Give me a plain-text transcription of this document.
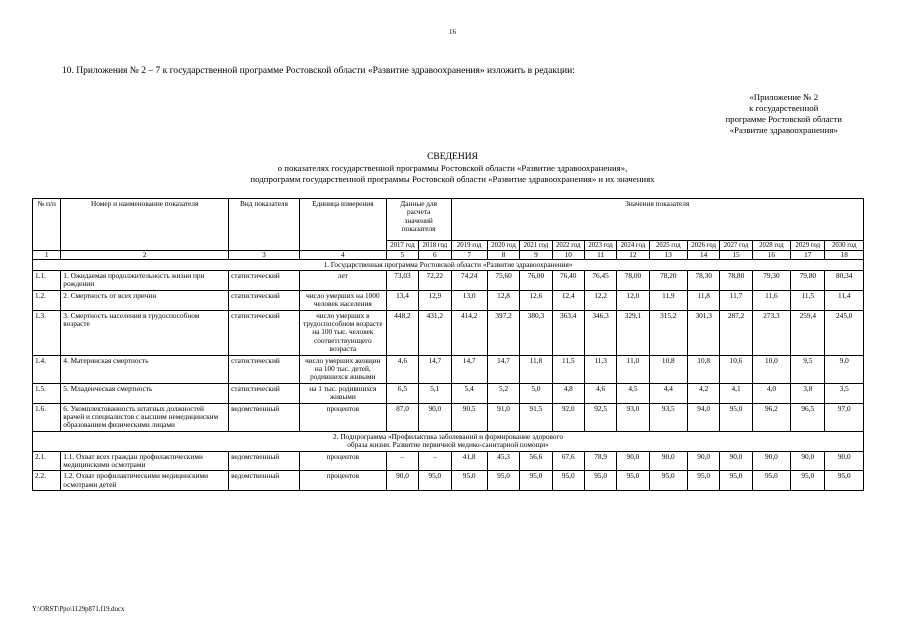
16
10. Приложения № 2 – 7 к государственной программе Ростовской области «Развитие здравоохранения» изложить в редакции:
«Приложение № 2
к государственной
программе Ростовской области
«Развитие здравоохранения»
СВЕДЕНИЯ
о показателях государственной программы Ростовской области «Развитие здравоохранения»,
подпрограмм государственной программы Ростовской области «Развитие здравоохранения» и их значениях
№ п/п	Номер и наименование показателя	Вид показателя	Единица измерения	Данные для расчета значений показателя		Значения показателя											
				2017 год	2018 год	2019 год	2020 год	2021 год	2022 год	2023 год	2024 год	2025 год	2026 год	2027 год	2028 год	2029 год	2030 год
1	2	3	4	5	6	7	8	9	10	11	12	13	14	15	16	17	18
1. Государственная программа Ростовской области «Развитие здравоохранения»																	
1.1.	1. Ожидаемая продолжительность жизни при рождении	статистический	лет	73,03	72,22	74,24	75,60	76,00	76,40	76,45	78,00	78,20	78,30	78,80	79,30	79,80	80,34
1.2.	2. Смертность от всех причин	статистический	число умерших на 1000 человек населения	13,4	12,9	13,0	12,8	12,6	12,4	12,2	12,0	11,9	11,8	11,7	11,6	11,5	11,4
1.3.	3. Смертность населения в трудоспособном возрасте	статистический	число умерших в трудоспособном возрасте на 100 тыс. человек соответствующего возраста	448,2	431,2	414,2	397,2	380,3	363,4	346,3	329,1	315,2	301,3	287,2	273,3	259,4	245,0
1.4.	4. Материнская смертность	статистический	число умерших женщин на 100 тыс. детей, родившихся живыми	4,6	14,7	14,7	14,7	11,8	11,5	11,3	11,0	10,8	10,8	10,6	10,0	9,5	9,0
1.5.	5. Младенческая смертность	статистический	на 1 тыс. родившихся живыми	6,5	5,1	5,4	5,2	5,0	4,8	4,6	4,5	4,4	4,2	4,1	4,0	3,8	3,5
1.6.	6. Укомплектованность штатных должностей врачей и специалистов с высшим немедицинским образованием физическими лицами	ведомственный	процентов	87,0	90,0	90,5	91,0	91,5	92,0	92,5	93,0	93,5	94,0	95,0	96,2	96,5	97,0
2. Подпрограмма «Профилактика заболеваний и формирование здорового образа жизни. Развитие первичной медико-санитарной помощи»																	
2.1.	1.1. Охват всех граждан профилактическими медицинскими осмотрами	ведомственный	процентов	–	–	41,8	45,3	56,6	67,6	78,9	90,0	90,0	90,0	90,0	90,0	90,0	90,0
2.2.	1.2. Охват профилактическими медицинскими осмотрами детей	ведомственный	процентов	90,0	95,0	95,0	95,0	95,0	95,0	95,0	95,0	95,0	95,0	95,0	95,0	95,0	95,0
Y:\ORST\Ppo\1129p871.f19.docx
